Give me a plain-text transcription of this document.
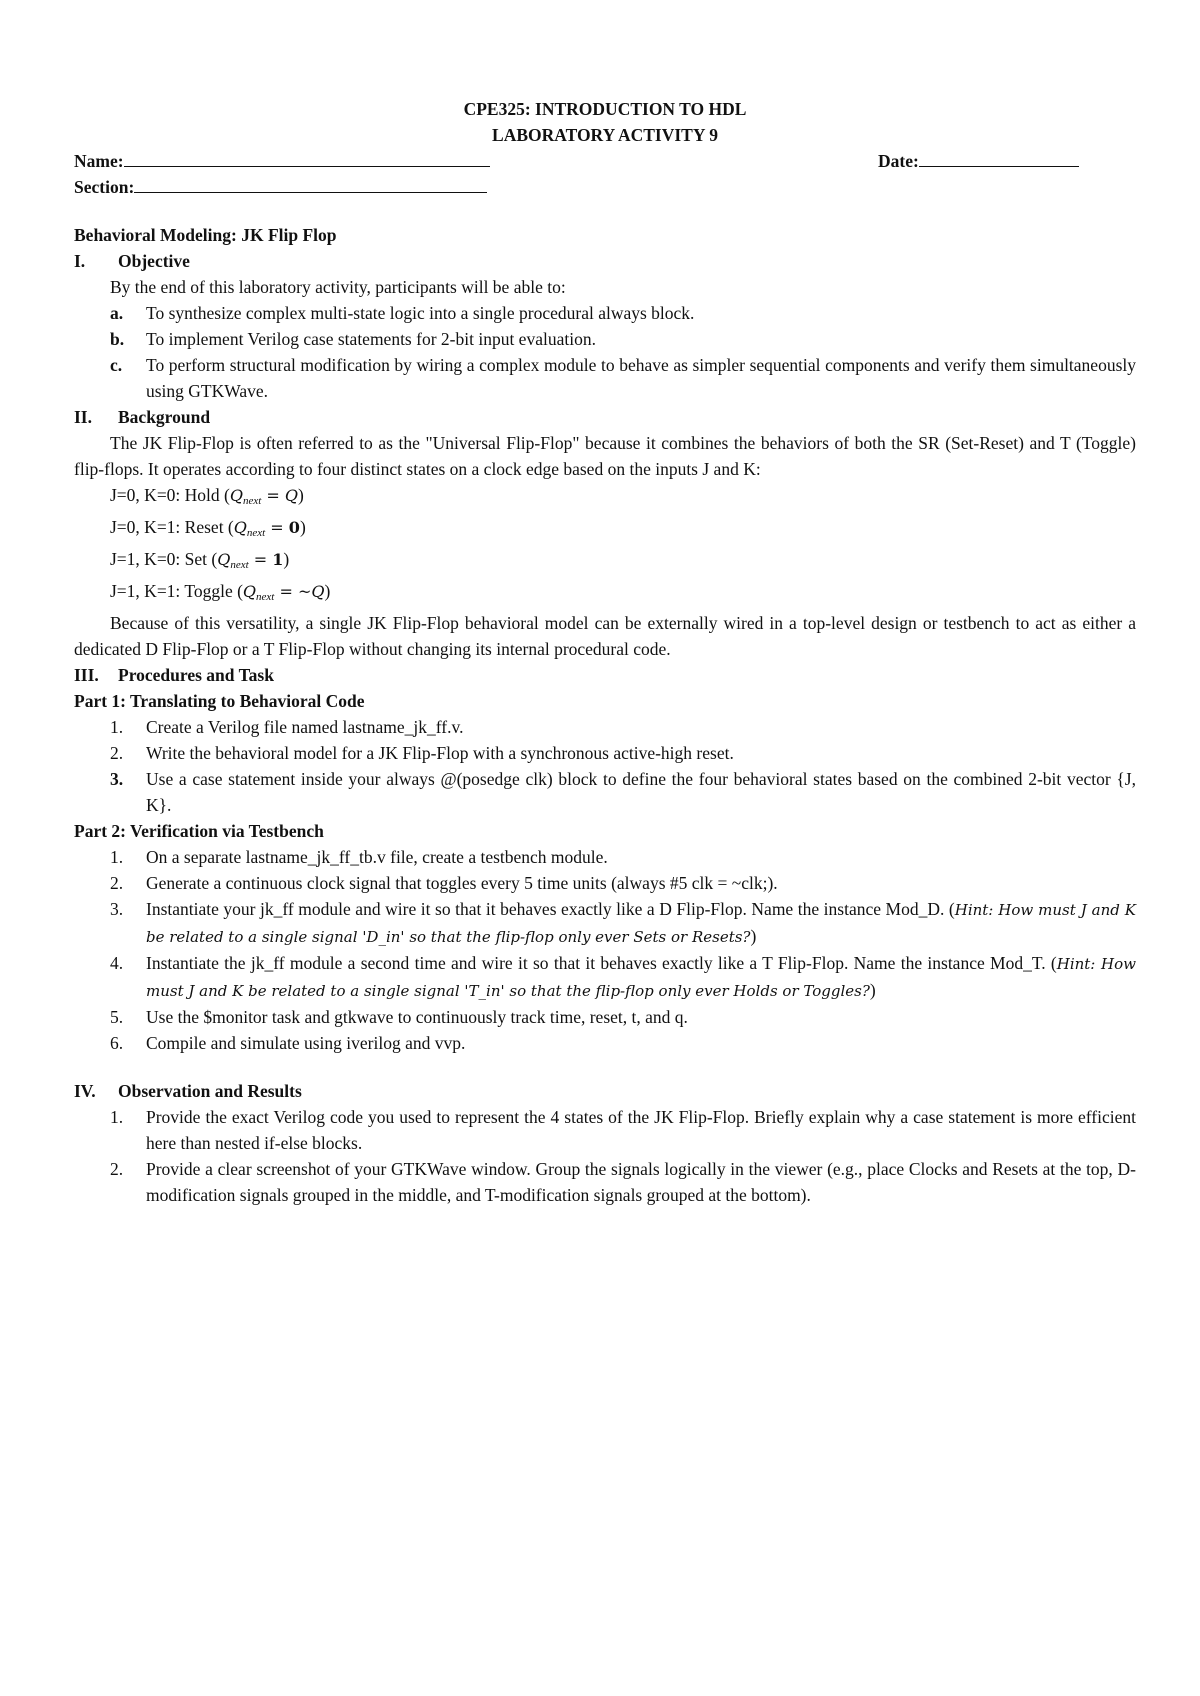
CPE325: INTRODUCTION TO HDL
LABORATORY ACTIVITY 9
Name:	Date:
Section:
Behavioral Modeling: JK Flip Flop
I. Objective
By the end of this laboratory activity, participants will be able to:
a. To synthesize complex multi-state logic into a single procedural always block.
b. To implement Verilog case statements for 2-bit input evaluation.
c. To perform structural modification by wiring a complex module to behave as simpler sequential components and verify them simultaneously using GTKWave.
II. Background
The JK Flip-Flop is often referred to as the "Universal Flip-Flop" because it combines the behaviors of both the SR (Set-Reset) and T (Toggle) flip-flops. It operates according to four distinct states on a clock edge based on the inputs J and K:
J=0, K=0: Hold $(Q_{next} = Q)$
J=0, K=1: Reset $(Q_{next} = 0)$
J=1, K=0: Set $(Q_{next} = 1)$
J=1, K=1: Toggle ($Q_{next}$ = ~Q)
Because of this versatility, a single JK Flip-Flop behavioral model can be externally wired in a top-level design or testbench to act as either a dedicated D Flip-Flop or a T Flip-Flop without changing its internal procedural code.
III. Procedures and Task
Part 1: Translating to Behavioral Code
1. Create a Verilog file named lastname_jk_ff.v.
2. Write the behavioral model for a JK Flip-Flop with a synchronous active-high reset.
3. Use a case statement inside your always @(posedge clk) block to define the four behavioral states based on the combined 2-bit vector {J, K}.
Part 2: Verification via Testbench
1. On a separate lastname_jk_ff_tb.v file, create a testbench module.
2. Generate a continuous clock signal that toggles every 5 time units (always #5 clk = ~clk;).
3. Instantiate your jk_ff module and wire it so that it behaves exactly like a D Flip-Flop. Name the instance Mod_D. (Hint: How must J and K be related to a single signal 'D_in' so that the flip-flop only ever Sets or Resets?)
4. Instantiate the jk_ff module a second time and wire it so that it behaves exactly like a T Flip-Flop. Name the instance Mod_T. (Hint: How must J and K be related to a single signal 'T_in' so that the flip-flop only ever Holds or Toggles?)
5. Use the $monitor task and gtkwave to continuously track time, reset, t, and q.
6. Compile and simulate using iverilog and vvp.
IV. Observation and Results
1. Provide the exact Verilog code you used to represent the 4 states of the JK Flip-Flop. Briefly explain why a case statement is more efficient here than nested if-else blocks.
2. Provide a clear screenshot of your GTKWave window. Group the signals logically in the viewer (e.g., place Clocks and Resets at the top, D-modification signals grouped in the middle, and T-modification signals grouped at the bottom).
